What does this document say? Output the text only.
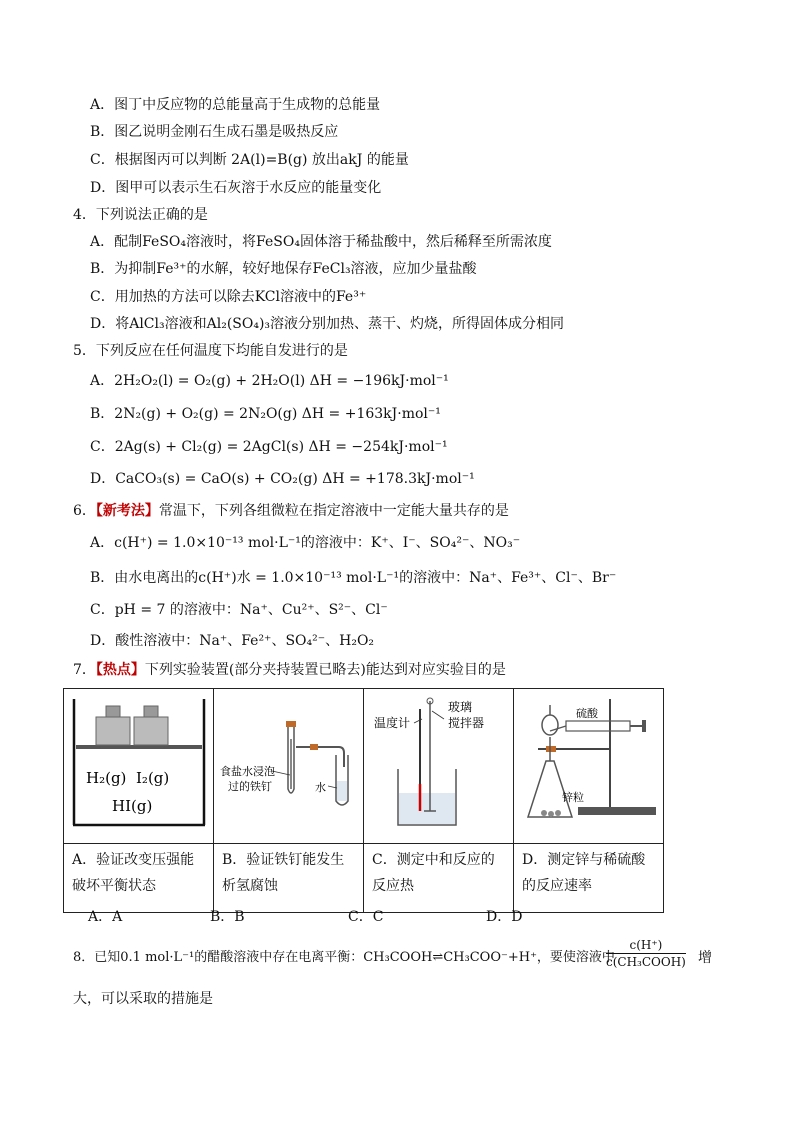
A．图丁中反应物的总能量高于生成物的总能量
B．图乙说明金刚石生成石墨是吸热反应
C．根据图丙可以判断 2A(l)=B(g) 放出akJ 的能量
D．图甲可以表示生石灰溶于水反应的能量变化
4．下列说法正确的是
A．配制FeSO₄溶液时，将FeSO₄固体溶于稀盐酸中，然后稀释至所需浓度
B．为抑制Fe³⁺的水解，较好地保存FeCl₃溶液，应加少量盐酸
C．用加热的方法可以除去KCl溶液中的Fe³⁺
D．将AlCl₃溶液和Al₂(SO₄)₃溶液分别加热、蒸干、灼烧，所得固体成分相同
5．下列反应在任何温度下均能自发进行的是
A．2H₂O₂(l) = O₂(g) + 2H₂O(l) ΔH = −196kJ·mol⁻¹
B．2N₂(g) + O₂(g) = 2N₂O(g) ΔH = +163kJ·mol⁻¹
C．2Ag(s) + Cl₂(g) = 2AgCl(s) ΔH = −254kJ·mol⁻¹
D．CaCO₃(s) = CaO(s) + CO₂(g) ΔH = +178.3kJ·mol⁻¹
6．【新考法】常温下，下列各组微粒在指定溶液中一定能大量共存的是
A．c(H⁺) = 1.0×10⁻¹³ mol·L⁻¹的溶液中：K⁺、I⁻、SO₄²⁻、NO₃⁻
B．由水电离出的c(H⁺)水 = 1.0×10⁻¹³ mol·L⁻¹的溶液中：Na⁺、Fe³⁺、Cl⁻、Br⁻
C．pH = 7 的溶液中：Na⁺、Cu²⁺、S²⁻、Cl⁻
D．酸性溶液中：Na⁺、Fe²⁺、SO₄²⁻、H₂O₂
7．【热点】下列实验装置(部分夹持装置已略去)能达到对应实验目的是
H₂(g) I₂(g)
HI(g)	食盐水浸泡
过的铁钉 水	温度计
玻璃
搅拌器	硫酸
锌粒

A．验证改变压强能破坏平衡状态	B．验证铁钉能发生析氢腐蚀	C．测定中和反应的反应热	D．测定锌与稀硫酸的反应速率
A．A	B．B	C．C	D．D
8．已知0.1 mol·L⁻¹的醋酸溶液中存在电离平衡：CH₃COOH⇌CH₃COO⁻+H⁺，要使溶液中
c(H⁺)
c(CH₃COOH) 增
大，可以采取的措施是
